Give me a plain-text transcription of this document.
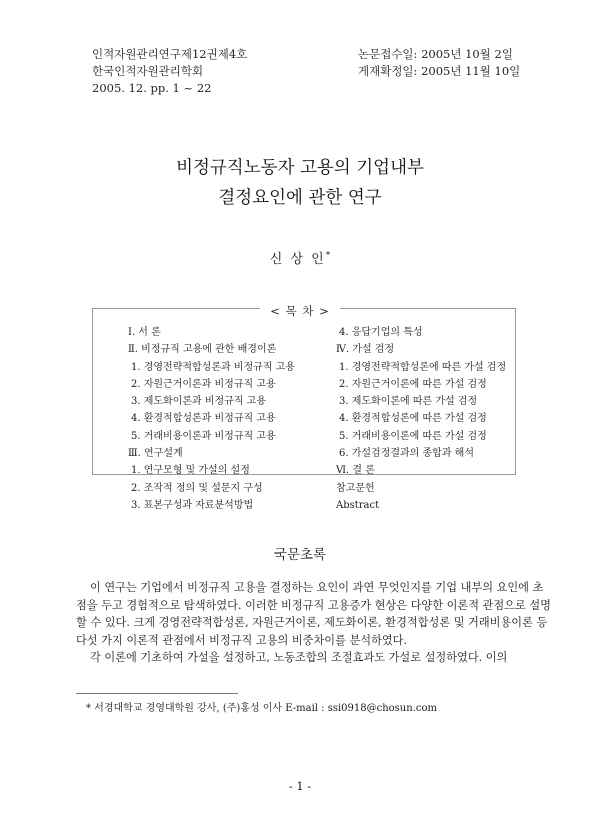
인적자원관리연구제12권제4호
한국인적자원관리학회
2005. 12. pp. 1 ~ 22
논문접수일: 2005년 10월 2일
게재확정일: 2005년 11월 10일
비정규직노동자 고용의 기업내부
결정요인에 관한 연구
신 상 인*
< 목 차 >
Ⅰ. 서 론
Ⅱ. 비정규직 고용에 관한 배경이론
1. 경영전략적합성론과 비정규직 고용
2. 자원근거이론과 비정규직 고용
3. 제도화이론과 비정규직 고용
4. 환경적합성론과 비정규직 고용
5. 거래비용이론과 비정규직 고용
Ⅲ. 연구설계
1. 연구모형 및 가설의 설정
2. 조작적 정의 및 설문지 구성
3. 표본구성과 자료분석방법
4. 응답기업의 특성
Ⅳ. 가설 검정
1. 경영전략적합성론에 따른 가설 검정
2. 자원근거이론에 따른 가설 검정
3. 제도화이론에 따른 가설 검정
4. 환경적합성론에 따른 가설 검정
5. 거래비용이론에 따른 가설 검정
6. 가설검정결과의 종합과 해석
Ⅵ. 결 론
참고문헌
Abstract
국문초록
이 연구는 기업에서 비정규직 고용을 결정하는 요인이 과연 무엇인지를 기업 내부의 요인에 초
점을 두고 경험적으로 탐색하였다. 이러한 비정규직 고용증가 현상은 다양한 이론적 관점으로 설명
할 수 있다. 크게 경영전략적합성론, 자원근거이론, 제도화이론, 환경적합성론 및 거래비용이론 등
다섯 가지 이론적 관점에서 비정규직 고용의 비중차이를 분석하였다.
각 이론에 기초하여 가설을 설정하고, 노동조합의 조절효과도 가설로 설정하였다. 이의
* 서경대학교 경영대학원 강사, (주)홍성 이사 E-mail : ssi0918@chosun.com
- 1 -
